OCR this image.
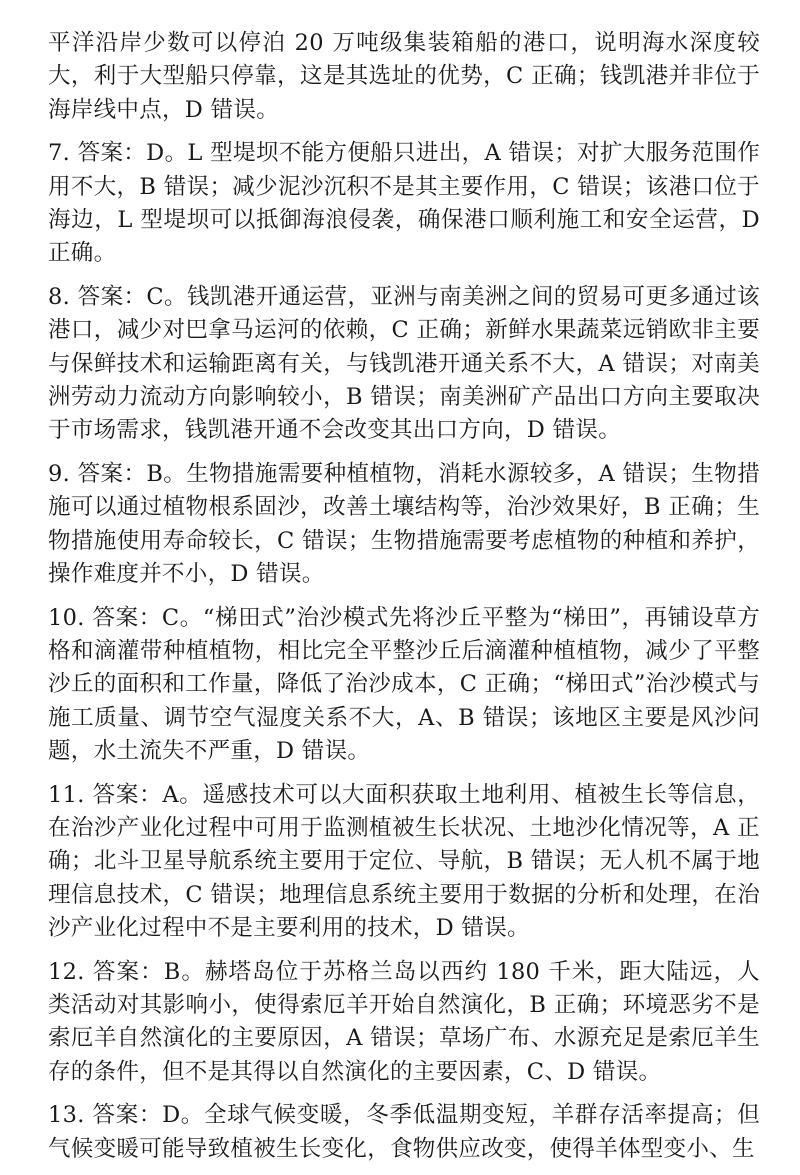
平洋沿岸少数可以停泊 20 万吨级集装箱船的港口，说明海水深度较大，利于大型船只停靠，这是其选址的优势，C 正确；钱凯港并非位于海岸线中点，D 错误。

7. 答案：D。L 型堤坝不能方便船只进出，A 错误；对扩大服务范围作用不大，B 错误；减少泥沙沉积不是其主要作用，C 错误；该港口位于海边，L 型堤坝可以抵御海浪侵袭，确保港口顺利施工和安全运营，D 正确。

8. 答案：C。钱凯港开通运营，亚洲与南美洲之间的贸易可更多通过该港口，减少对巴拿马运河的依赖，C 正确；新鲜水果蔬菜远销欧非主要与保鲜技术和运输距离有关，与钱凯港开通关系不大，A 错误；对南美洲劳动力流动方向影响较小，B 错误；南美洲矿产品出口方向主要取决于市场需求，钱凯港开通不会改变其出口方向，D 错误。

9. 答案：B。生物措施需要种植植物，消耗水源较多，A 错误；生物措施可以通过植物根系固沙，改善土壤结构等，治沙效果好，B 正确；生物措施使用寿命较长，C 错误；生物措施需要考虑植物的种植和养护，操作难度并不小，D 错误。

10. 答案：C。“梯田式”治沙模式先将沙丘平整为“梯田”，再铺设草方格和滴灌带种植植物，相比完全平整沙丘后滴灌种植植物，减少了平整沙丘的面积和工作量，降低了治沙成本，C 正确；“梯田式”治沙模式与施工质量、调节空气湿度关系不大，A、B 错误；该地区主要是风沙问题，水土流失不严重，D 错误。

11. 答案：A。遥感技术可以大面积获取土地利用、植被生长等信息，在治沙产业化过程中可用于监测植被生长状况、土地沙化情况等，A 正确；北斗卫星导航系统主要用于定位、导航，B 错误；无人机不属于地理信息技术，C 错误；地理信息系统主要用于数据的分析和处理，在治沙产业化过程中不是主要利用的技术，D 错误。

12. 答案：B。赫塔岛位于苏格兰岛以西约 180 千米，距大陆远，人类活动对其影响小，使得索厄羊开始自然演化，B 正确；环境恶劣不是索厄羊自然演化的主要原因，A 错误；草场广布、水源充足是索厄羊生存的条件，但不是其得以自然演化的主要因素，C、D 错误。

13. 答案：D。全球气候变暖，冬季低温期变短，羊群存活率提高；但气候变暖可能导致植被生长变化，食物供应改变，使得羊体型变小、生
